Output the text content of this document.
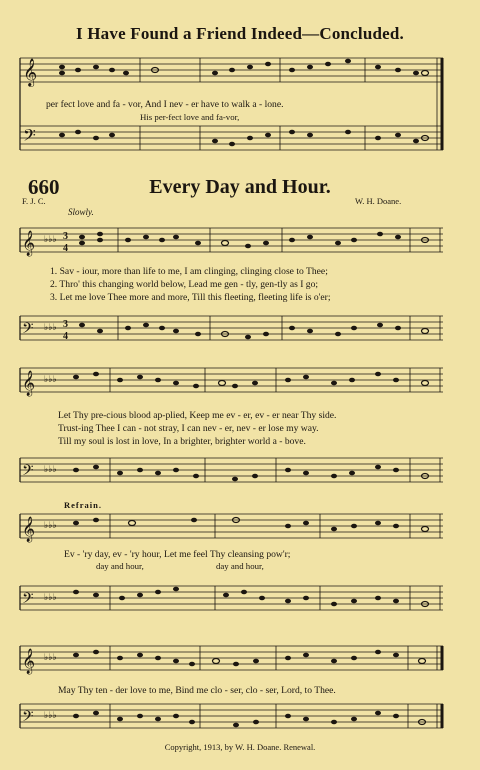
I Have Found a Friend Indeed—Concluded.
𝄞
𝄢
per fect love and fa - vor, And I nev - er have to walk a - lone.
His per-fect love and fa-vor,
660	Every Day and Hour.
F. J. C.	W. H. Doane.
Slowly.
𝄞 ♭♭♭ 3
4
1. Sav - iour, more than life to me, I am clinging, clinging close to Thee;
2. Thro' this changing world below, Lead me gen - tly, gen-tly as I go;
3. Let me love Thee more and more, Till this fleeting, fleeting life is o'er;
𝄢 ♭♭♭ 3
4
𝄞 ♭♭♭
Let Thy pre-cious blood ap-plied, Keep me ev - er, ev - er near Thy side.
Trust-ing Thee I can - not stray, I can nev - er, nev - er lose my way.
Till my soul is lost in love, In a brighter, brighter world a - bove.
𝄢 ♭♭♭
Refrain.
𝄞 ♭♭♭
Ev - 'ry day, ev - 'ry hour, Let me feel Thy cleansing pow'r;
day and hour,	day and hour,
𝄢 ♭♭♭
𝄞 ♭♭♭
May Thy ten - der love to me, Bind me clo - ser, clo - ser, Lord, to Thee.
𝄢 ♭♭♭
Copyright, 1913, by W. H. Doane. Renewal.
